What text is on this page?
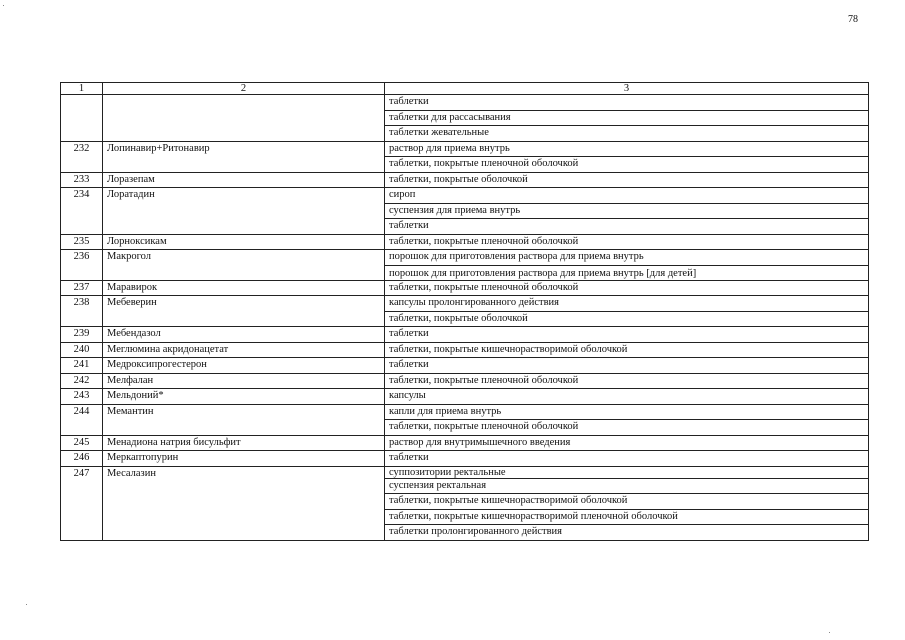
78
1	2	3
		таблетки
		таблетки для рассасывания
		таблетки жевательные
232	Лопинавир+Ритонавир	раствор для приема внутрь
		таблетки, покрытые пленочной оболочкой
233	Лоразепам	таблетки, покрытые оболочкой
234	Лоратадин	сироп
		суспензия для приема внутрь
		таблетки
235	Лорноксикам	таблетки, покрытые пленочной оболочкой
236	Макрогол	порошок для приготовления раствора для приема внутрь
		порошок для приготовления раствора для приема внутрь [для детей]
237	Маравирок	таблетки, покрытые пленочной оболочкой
238	Мебеверин	капсулы пролонгированного действия
		таблетки, покрытые оболочкой
239	Мебендазол	таблетки
240	Меглюмина акридонацетат	таблетки, покрытые кишечнорастворимой оболочкой
241	Медроксипрогестерон	таблетки
242	Мелфалан	таблетки, покрытые пленочной оболочкой
243	Мельдоний*	капсулы
244	Мемантин	капли для приема внутрь
		таблетки, покрытые пленочной оболочкой
245	Менадиона натрия бисульфит	раствор для внутримышечного введения
246	Меркаптопурин	таблетки
247	Месалазин	суппозитории ректальные
		суспензия ректальная
		таблетки, покрытые кишечнорастворимой оболочкой
		таблетки, покрытые кишечнорастворимой пленочной оболочкой
		таблетки пролонгированного действия
